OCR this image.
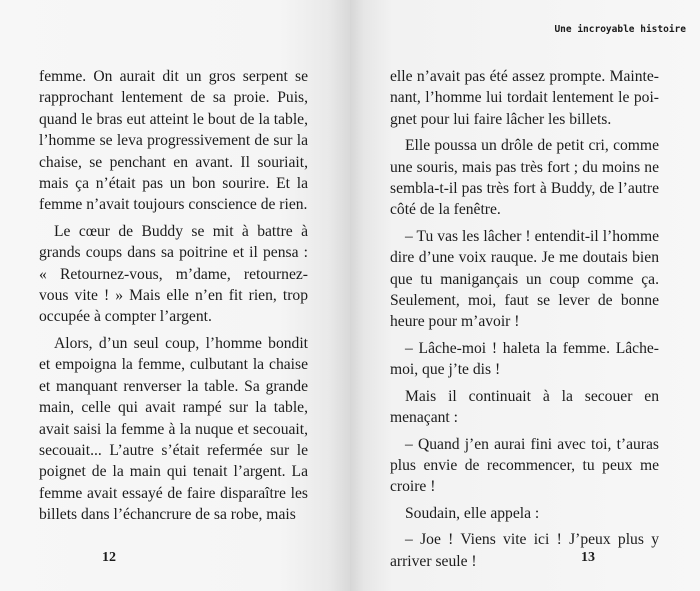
femme. On aurait dit un gros serpent se rapprochant lentement de sa proie. Puis, quand le bras eut atteint le bout de la table, l’homme se leva progressivement de sur la chaise, se penchant en avant. Il souriait, mais ça n’était pas un bon sourire. Et la femme n’avait toujours conscience de rien.

Le cœur de Buddy se mit à battre à grands coups dans sa poitrine et il pensa : « Retournez-vous, m’dame, retournez-vous vite ! » Mais elle n’en fit rien, trop occupée à compter l’argent.

Alors, d’un seul coup, l’homme bondit et empoigna la femme, culbutant la chaise et manquant renverser la table. Sa grande main, celle qui avait rampé sur la table, avait saisi la femme à la nuque et secouait, secouait... L’autre s’était refermée sur le poignet de la main qui tenait l’argent. La femme avait essayé de faire disparaître les billets dans l’échancrure de sa robe, mais

12
Une incroyable histoire

elle n’avait pas été assez prompte. Maintenant, l’homme lui tordait lentement le poignet pour lui faire lâcher les billets.

Elle poussa un drôle de petit cri, comme une souris, mais pas très fort ; du moins ne sembla-t-il pas très fort à Buddy, de l’autre côté de la fenêtre.

– Tu vas les lâcher ! entendit-il l’homme dire d’une voix rauque. Je me doutais bien que tu manigançais un coup comme ça. Seulement, moi, faut se lever de bonne heure pour m’avoir !

– Lâche-moi ! haleta la femme. Lâche-moi, que j’te dis !

Mais il continuait à la secouer en menaçant :

– Quand j’en aurai fini avec toi, t’auras plus envie de recommencer, tu peux me croire !

Soudain, elle appela :

– Joe ! Viens vite ici ! J’peux plus y arriver seule !	13
